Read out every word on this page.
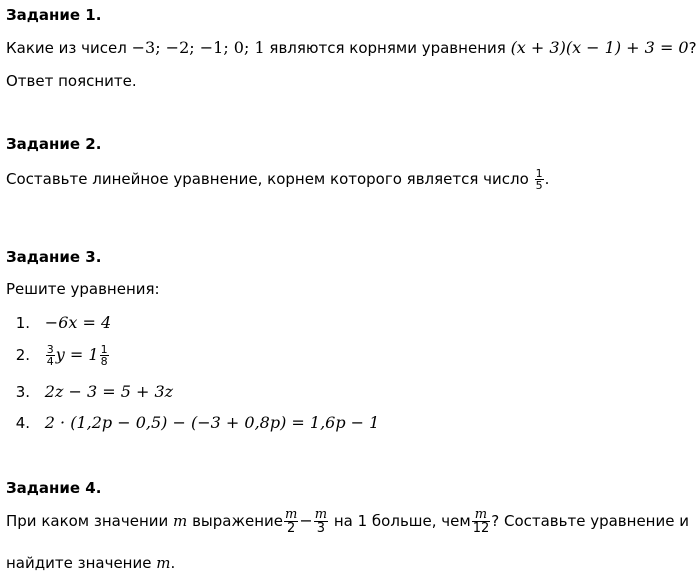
Задание 1.
Какие из чисел −3; −2; −1; 0; 1 являются корнями уравнения (x + 3)(x − 1) + 3 = 0?
Ответ поясните.
Задание 2.
Составьте линейное уравнение, корнем которого является число $\frac{1}{5}$ .
Задание 3.
Решите уравнения:
1. −6x = 4
2. $\frac{3}{4}$ $y = 1 \frac{1}{8}$
3. 2z − 3 = 5 + 3z
4. 2 · (1,2p − 0,5) − (−3 + 0,8p) = 1,6p − 1
Задание 4.
При каком значении m выражение $\frac{m}{2} - \frac{m}{3}$ на 1 больше, чем $\frac{m}{12}$ ? Составьте уравнение и
найдите значение m.
